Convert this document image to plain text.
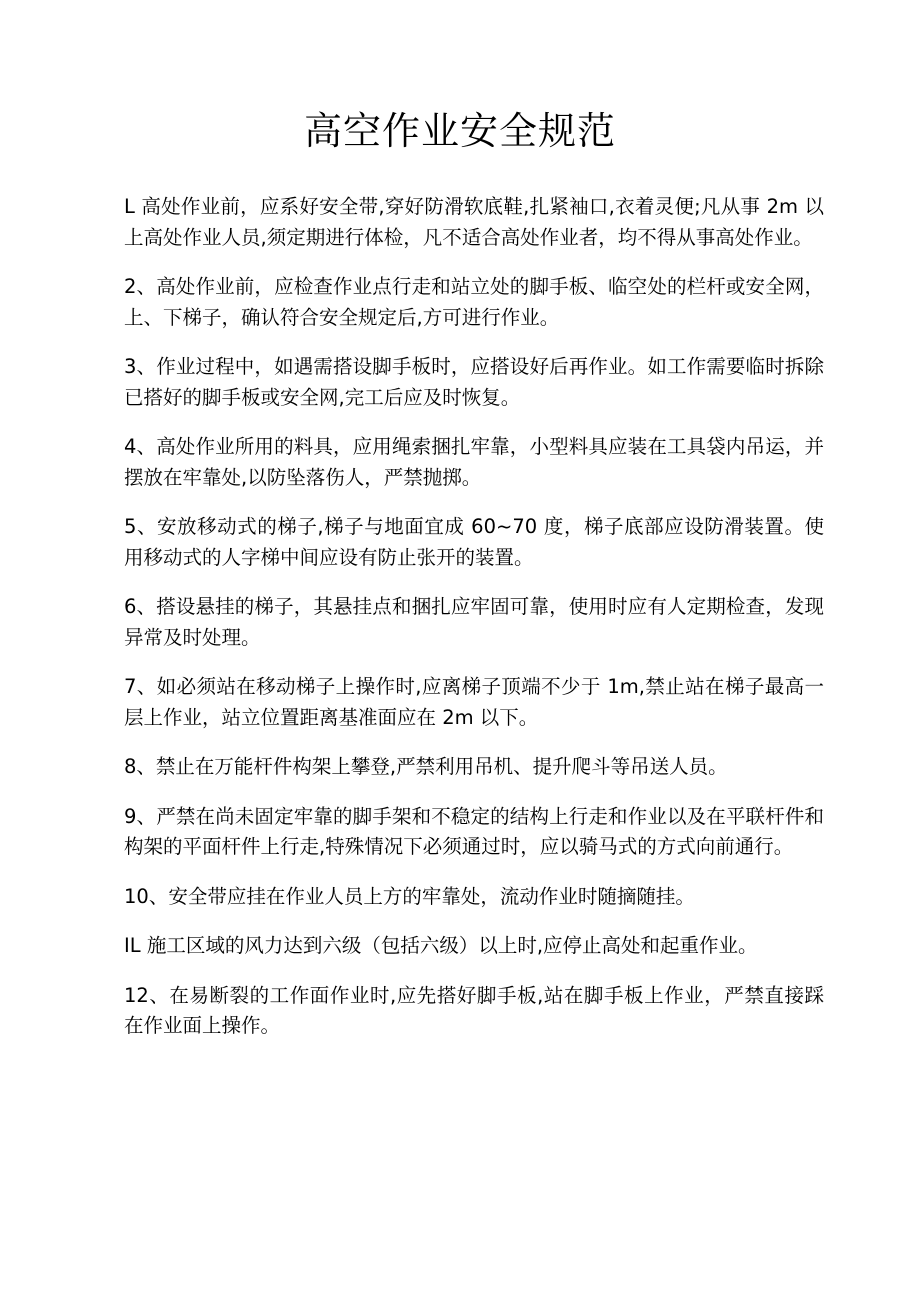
高空作业安全规范

L 高处作业前，应系好安全带,穿好防滑软底鞋,扎紧袖口,衣着灵便;凡从事 2m 以上高处作业人员,须定期进行体检，凡不适合高处作业者，均不得从事高处作业。

2、高处作业前，应检查作业点行走和站立处的脚手板、临空处的栏杆或安全网，上、下梯子，确认符合安全规定后,方可进行作业。

3、作业过程中，如遇需搭设脚手板时，应搭设好后再作业。如工作需要临时拆除已搭好的脚手板或安全网,完工后应及时恢复。

4、高处作业所用的料具，应用绳索捆扎牢靠，小型料具应装在工具袋内吊运，并摆放在牢靠处,以防坠落伤人，严禁抛掷。

5、安放移动式的梯子,梯子与地面宜成 60~70 度，梯子底部应设防滑装置。使用移动式的人字梯中间应设有防止张开的装置。

6、搭设悬挂的梯子，其悬挂点和捆扎应牢固可靠，使用时应有人定期检查，发现异常及时处理。

7、如必须站在移动梯子上操作时,应离梯子顶端不少于 1m,禁止站在梯子最高一层上作业，站立位置距离基准面应在 2m 以下。

8、禁止在万能杆件构架上攀登,严禁利用吊机、提升爬斗等吊送人员。

9、严禁在尚未固定牢靠的脚手架和不稳定的结构上行走和作业以及在平联杆件和构架的平面杆件上行走,特殊情况下必须通过时，应以骑马式的方式向前通行。

10、安全带应挂在作业人员上方的牢靠处，流动作业时随摘随挂。

IL 施工区域的风力达到六级（包括六级）以上时,应停止高处和起重作业。

12、在易断裂的工作面作业时,应先搭好脚手板,站在脚手板上作业，严禁直接踩在作业面上操作。
